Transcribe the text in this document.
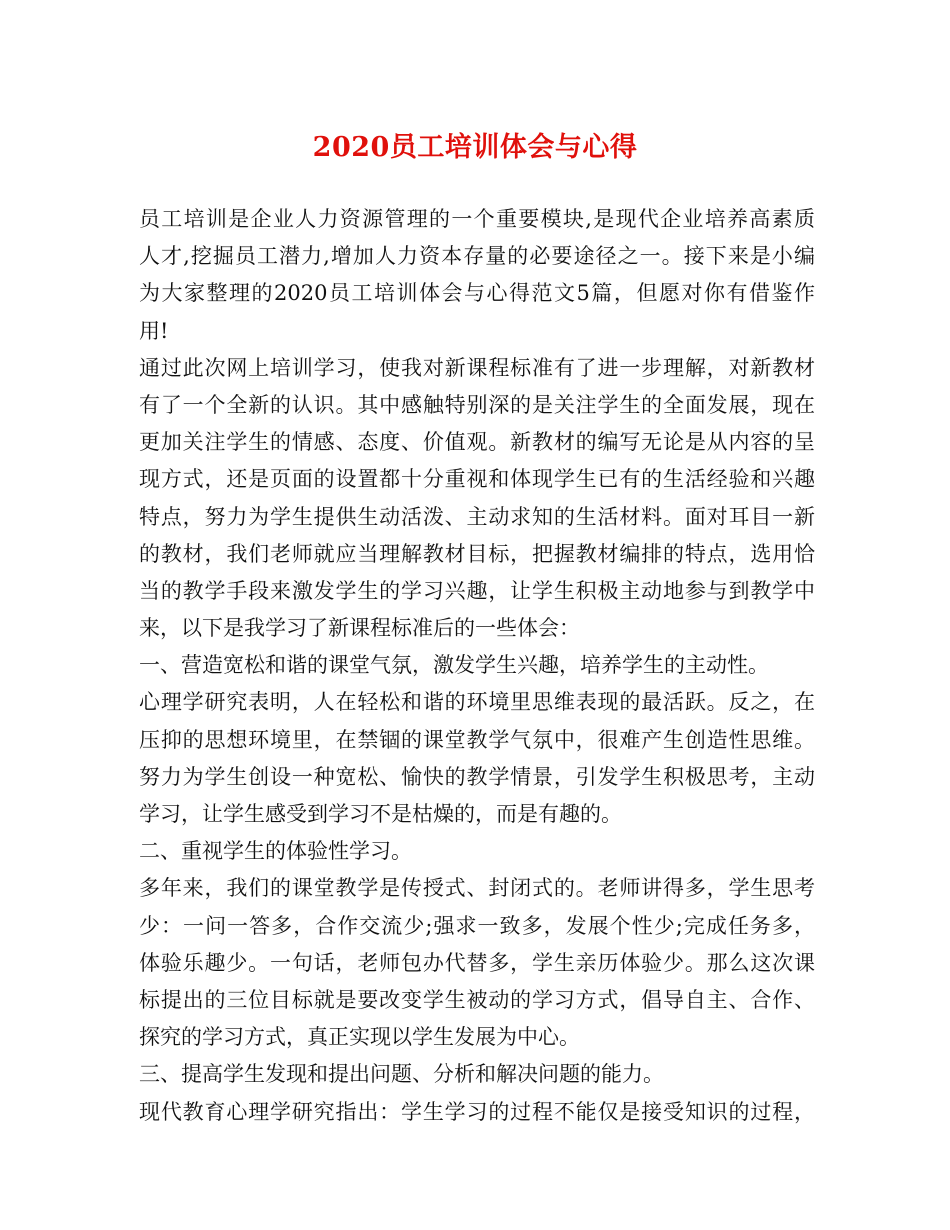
2020员工培训体会与心得
员工培训是企业人力资源管理的一个重要模块,是现代企业培养高素质
人才,挖掘员工潜力,增加人力资本存量的必要途径之一。接下来是小编
为大家整理的2020员工培训体会与心得范文5篇，但愿对你有借鉴作
用!
通过此次网上培训学习，使我对新课程标准有了进一步理解，对新教材
有了一个全新的认识。其中感触特别深的是关注学生的全面发展，现在
更加关注学生的情感、态度、价值观。新教材的编写无论是从内容的呈
现方式，还是页面的设置都十分重视和体现学生已有的生活经验和兴趣
特点，努力为学生提供生动活泼、主动求知的生活材料。面对耳目一新
的教材，我们老师就应当理解教材目标，把握教材编排的特点，选用恰
当的教学手段来激发学生的学习兴趣，让学生积极主动地参与到教学中
来，以下是我学习了新课程标准后的一些体会：
一、营造宽松和谐的课堂气氛，激发学生兴趣，培养学生的主动性。
心理学研究表明，人在轻松和谐的环境里思维表现的最活跃。反之，在
压抑的思想环境里，在禁锢的课堂教学气氛中，很难产生创造性思维。
努力为学生创设一种宽松、愉快的教学情景，引发学生积极思考，主动
学习，让学生感受到学习不是枯燥的，而是有趣的。
二、重视学生的体验性学习。
多年来，我们的课堂教学是传授式、封闭式的。老师讲得多，学生思考
少：一问一答多，合作交流少;强求一致多，发展个性少;完成任务多，
体验乐趣少。一句话，老师包办代替多，学生亲历体验少。那么这次课
标提出的三位目标就是要改变学生被动的学习方式，倡导自主、合作、
探究的学习方式，真正实现以学生发展为中心。
三、提高学生发现和提出问题、分析和解决问题的能力。
现代教育心理学研究指出：学生学习的过程不能仅是接受知识的过程，
